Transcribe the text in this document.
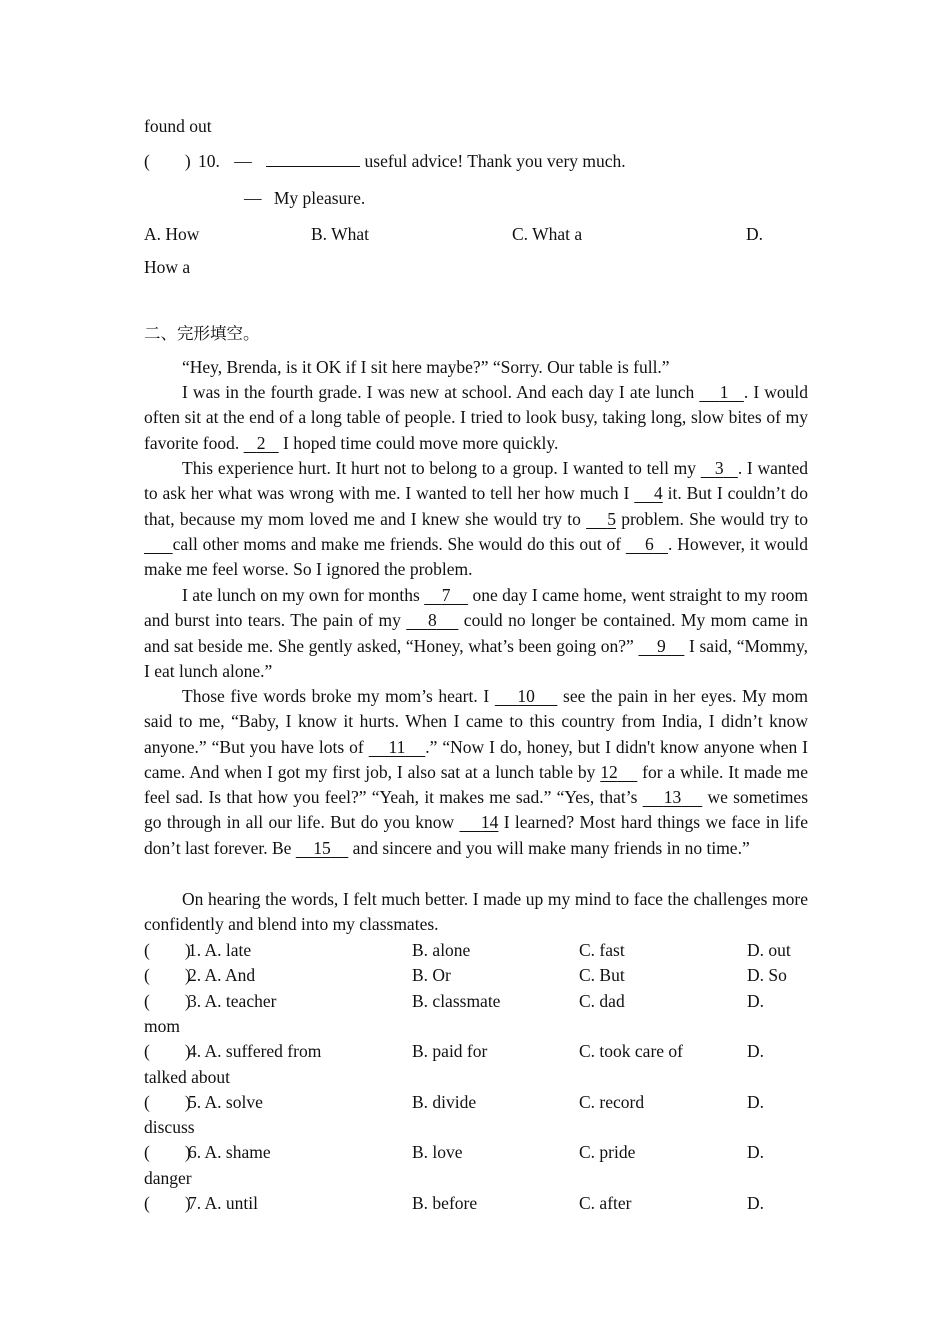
found out
(        ) 10. —	useful advice! Thank you very much.
— My pleasure.
A. How	B. What	C. What a	D.
How a
二、完形填空。
“Hey, Brenda, is it OK if I sit here maybe?” “Sorry. Our table is full.”
I was in the fourth grade. I was new at school. And each day I ate lunch     1 . I would often sit at the end of a long table of people. I tried to look busy, taking long, slow bites of my favorite food.    2    I hoped time could move more quickly.
This experience hurt. It hurt not to belong to a group. I wanted to tell my    3 . I wanted to ask her what was wrong with me. I wanted to tell her how much I     4 it. But I couldn’t do that, because my mom loved me and I knew she would try to     5 problem. She would try to       call other moms and make me friends. She would do this out of     6 . However, it would make me feel worse. So I ignored the problem.
I ate lunch on my own for months     7     one day I came home, went straight to my room and burst into tears. The pain of my     8     could no longer be contained. My mom came in and sat beside me. She gently asked, “Honey, what’s been going on?”     9     I said, “Mommy, I eat lunch alone.”
Those five words broke my mom’s heart. I     10     see the pain in her eyes. My mom said to me, “Baby, I know it hurts. When I came to this country from India, I didn’t know anyone.” “But you have lots of     11 .” “Now I do, honey, but I didn't know anyone when I came. And when I got my first job, I also sat at a lunch table by 12     for a while. It made me feel sad. Is that how you feel?” “Yeah, it makes me sad.” “Yes, that’s     13     we sometimes go through in all our life. But do you know     14 I learned? Most hard things we face in life don’t last forever. Be     15     and sincere and you will make many friends in no time.”
On hearing the words, I felt much better. I made up my mind to face the challenges more confidently and blend into my classmates.
(        )
1. A. late	B. alone	C. fast	D. out
(        )
2. A. And	B. Or	C. But	D. So
(        )
3. A. teacher	B. classmate	C. dad	D.
mom
(        )
4. A. suffered from	B. paid for	C. took care of	D.
talked about
(        )
5. A. solve	B. divide	C. record	D.
discuss
(        )
6. A. shame	B. love	C. pride	D.
danger
(        )
7. A. until	B. before	C. after	D.
